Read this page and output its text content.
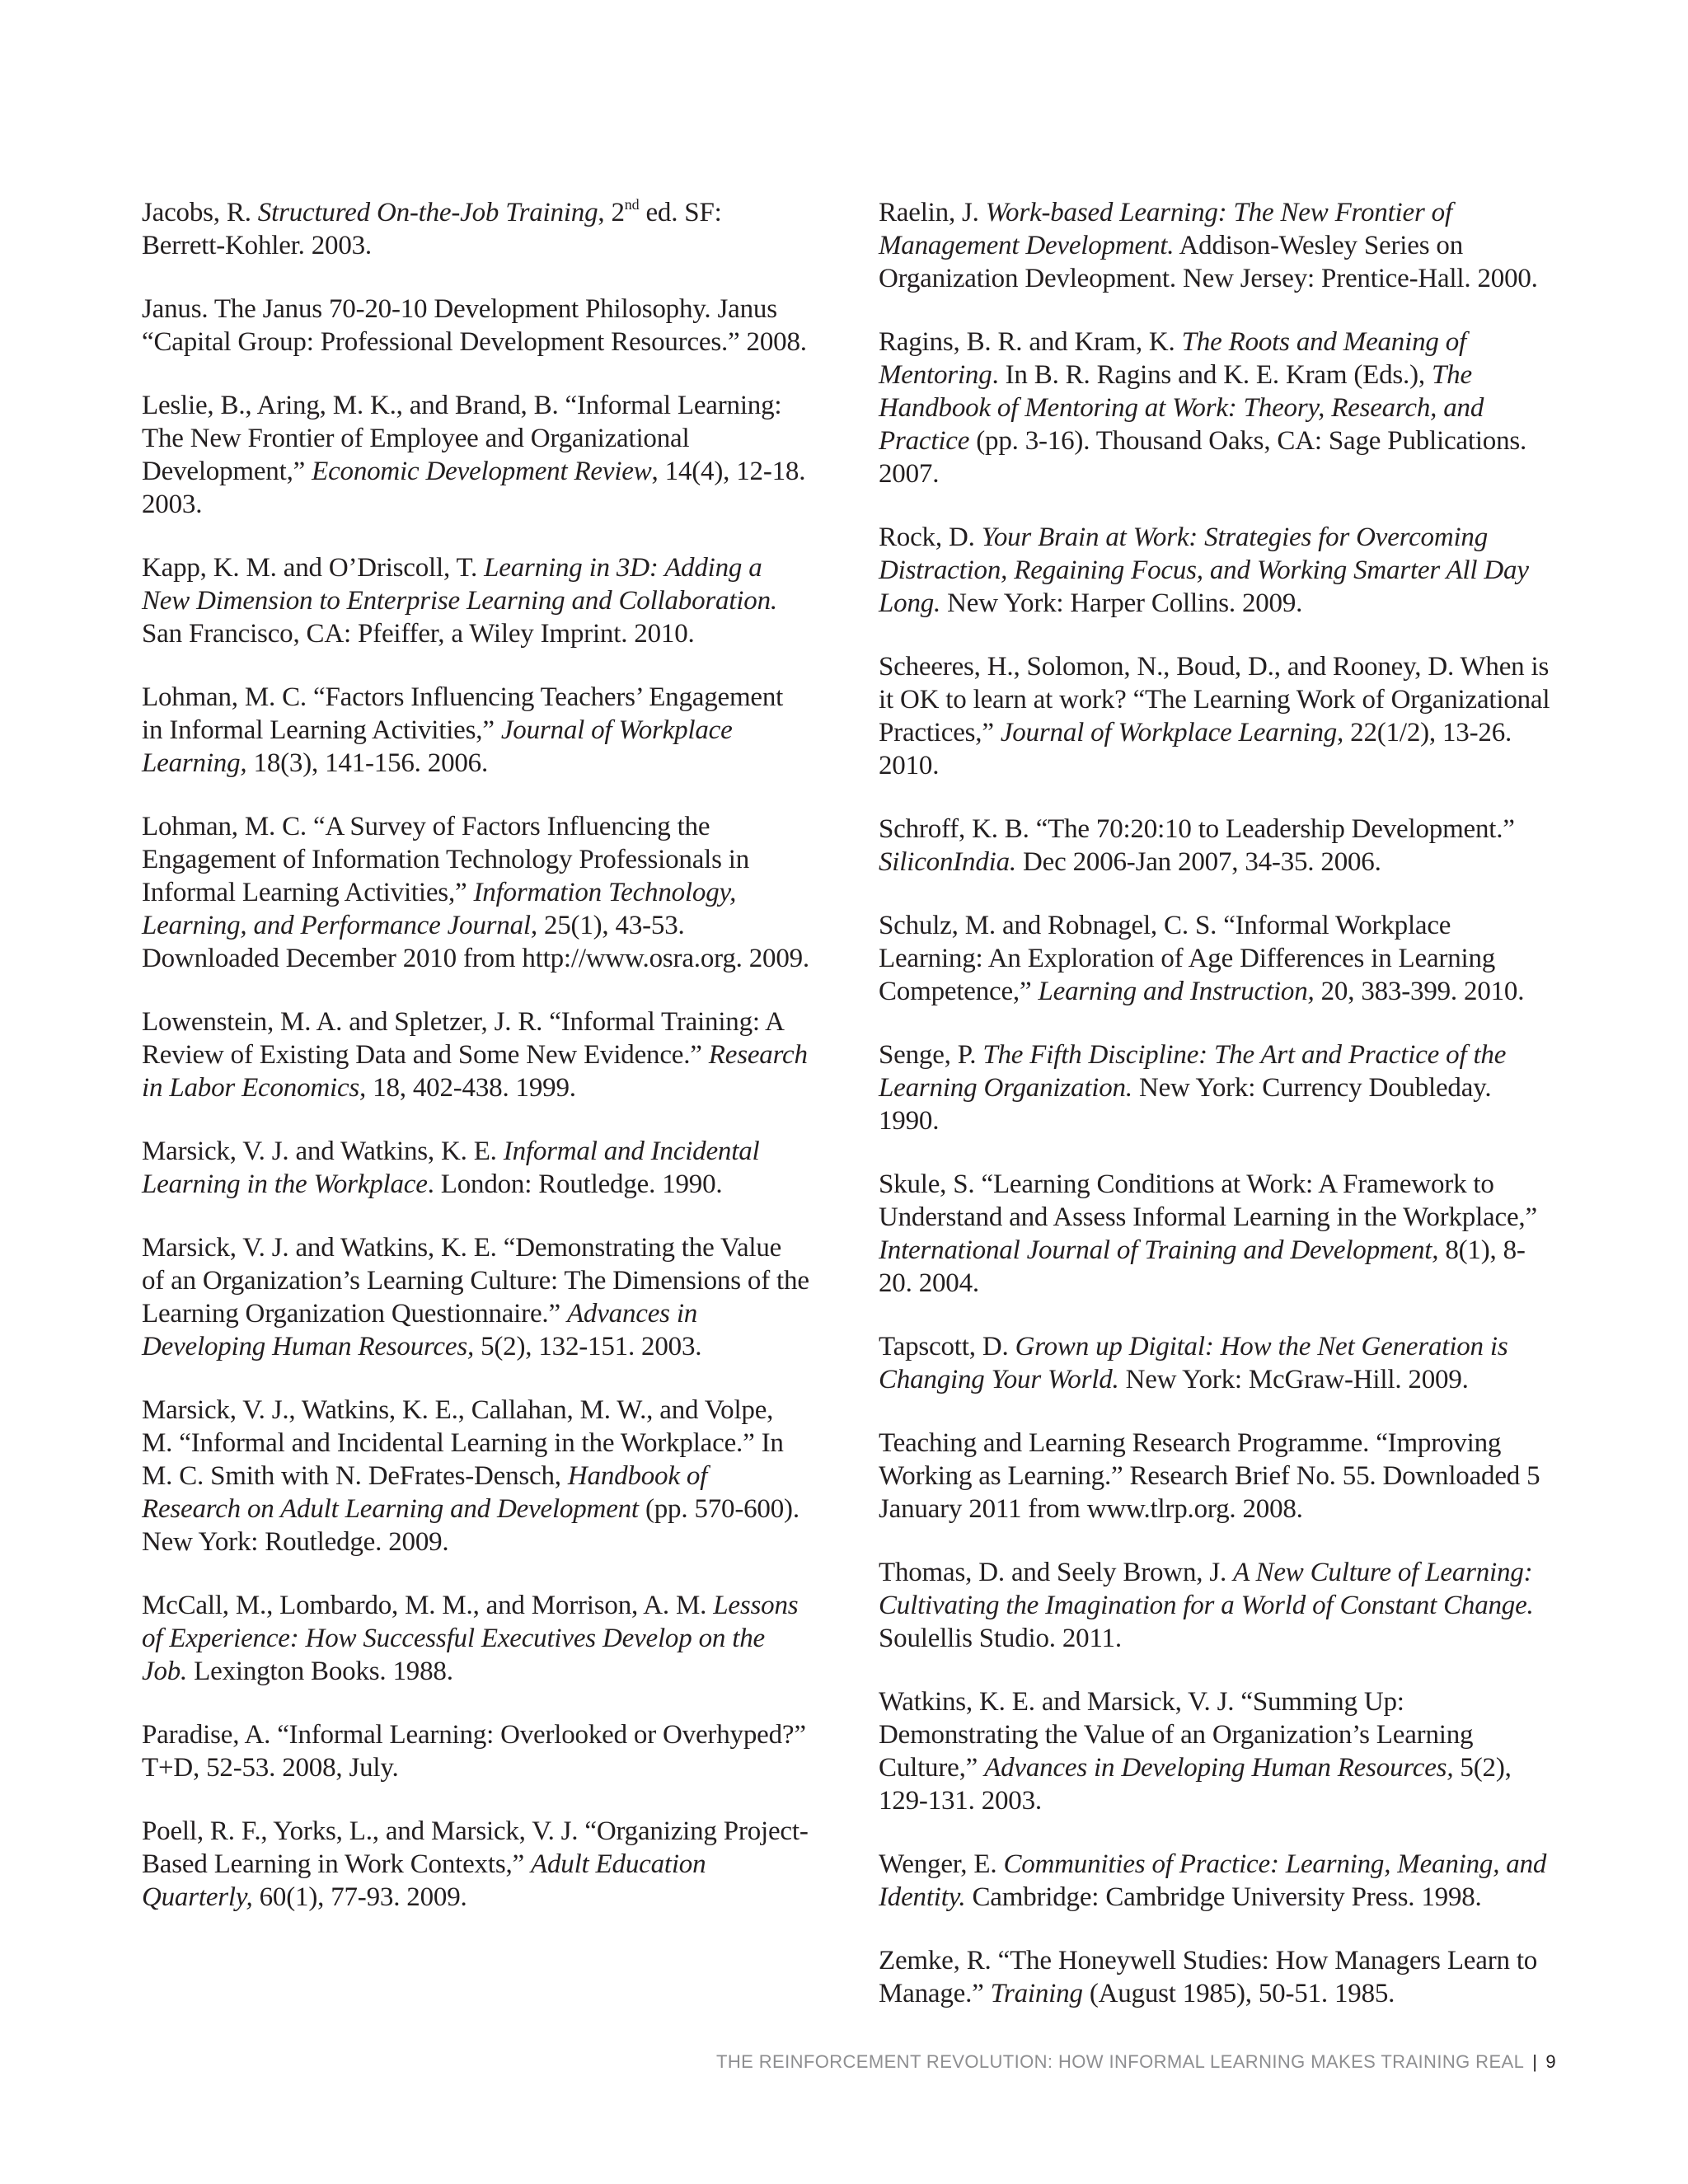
Jacobs, R. Structured On-the-Job Training, 2nd ed. SF: Berrett-Kohler. 2003.

Janus. The Janus 70-20-10 Development Philosophy. Janus “Capital Group: Professional Development Resources.” 2008.

Leslie, B., Aring, M. K., and Brand, B. “Informal Learning: The New Frontier of Employee and Organizational Development,” Economic Development Review, 14(4), 12-18. 2003.

Kapp, K. M. and O’Driscoll, T. Learning in 3D: Adding a New Dimension to Enterprise Learning and Collaboration. San Francisco, CA: Pfeiffer, a Wiley Imprint. 2010.

Lohman, M. C. “Factors Influencing Teachers’ Engagement in Informal Learning Activities,” Journal of Workplace Learning, 18(3), 141-156. 2006.

Lohman, M. C. “A Survey of Factors Influencing the Engagement of Information Technology Professionals in Informal Learning Activities,” Information Technology, Learning, and Performance Journal, 25(1), 43-53. Downloaded December 2010 from http://www.osra.org. 2009.

Lowenstein, M. A. and Spletzer, J. R. “Informal Training: A Review of Existing Data and Some New Evidence.” Research in Labor Economics, 18, 402-438. 1999.

Marsick, V. J. and Watkins, K. E. Informal and Incidental Learning in the Workplace. London: Routledge. 1990.

Marsick, V. J. and Watkins, K. E. “Demonstrating the Value of an Organization’s Learning Culture: The Dimensions of the Learning Organization Questionnaire.” Advances in Developing Human Resources, 5(2), 132-151. 2003.

Marsick, V. J., Watkins, K. E., Callahan, M. W., and Volpe, M. “Informal and Incidental Learning in the Workplace.” In M. C. Smith with N. DeFrates-Densch, Handbook of Research on Adult Learning and Development (pp. 570-600). New York: Routledge. 2009.

McCall, M., Lombardo, M. M., and Morrison, A. M. Lessons of Experience: How Successful Executives Develop on the Job. Lexington Books. 1988.

Paradise, A. “Informal Learning: Overlooked or Overhyped?” T+D, 52-53. 2008, July.

Poell, R. F., Yorks, L., and Marsick, V. J. “Organizing Project-Based Learning in Work Contexts,” Adult Education Quarterly, 60(1), 77-93. 2009.

Raelin, J. Work-based Learning: The New Frontier of Management Development. Addison-Wesley Series on Organization Devleopment. New Jersey: Prentice-Hall. 2000.

Ragins, B. R. and Kram, K. The Roots and Meaning of Mentoring. In B. R. Ragins and K. E. Kram (Eds.), The Handbook of Mentoring at Work: Theory, Research, and Practice (pp. 3-16). Thousand Oaks, CA: Sage Publications. 2007.

Rock, D. Your Brain at Work: Strategies for Overcoming Distraction, Regaining Focus, and Working Smarter All Day Long. New York: Harper Collins. 2009.

Scheeres, H., Solomon, N., Boud, D., and Rooney, D. When is it OK to learn at work? “The Learning Work of Organizational Practices,” Journal of Workplace Learning, 22(1/2), 13-26. 2010.

Schroff, K. B. “The 70:20:10 to Leadership Development.” SiliconIndia. Dec 2006-Jan 2007, 34-35. 2006.

Schulz, M. and Robnagel, C. S. “Informal Workplace Learning: An Exploration of Age Differences in Learning Competence,” Learning and Instruction, 20, 383-399. 2010.

Senge, P. The Fifth Discipline: The Art and Practice of the Learning Organization. New York: Currency Doubleday. 1990.

Skule, S. “Learning Conditions at Work: A Framework to Understand and Assess Informal Learning in the Workplace,” International Journal of Training and Development, 8(1), 8-20. 2004.

Tapscott, D. Grown up Digital: How the Net Generation is Changing Your World. New York: McGraw-Hill. 2009.

Teaching and Learning Research Programme. “Improving Working as Learning.” Research Brief No. 55. Downloaded 5 January 2011 from www.tlrp.org. 2008.

Thomas, D. and Seely Brown, J. A New Culture of Learning: Cultivating the Imagination for a World of Constant Change. Soulellis Studio. 2011.

Watkins, K. E. and Marsick, V. J. “Summing Up: Demonstrating the Value of an Organization’s Learning Culture,” Advances in Developing Human Resources, 5(2), 129-131. 2003.

Wenger, E. Communities of Practice: Learning, Meaning, and Identity. Cambridge: Cambridge University Press. 1998.

Zemke, R. “The Honeywell Studies: How Managers Learn to Manage.” Training (August 1985), 50-51. 1985.

THE REINFORCEMENT REVOLUTION: HOW INFORMAL LEARNING MAKES TRAINING REAL | 9
